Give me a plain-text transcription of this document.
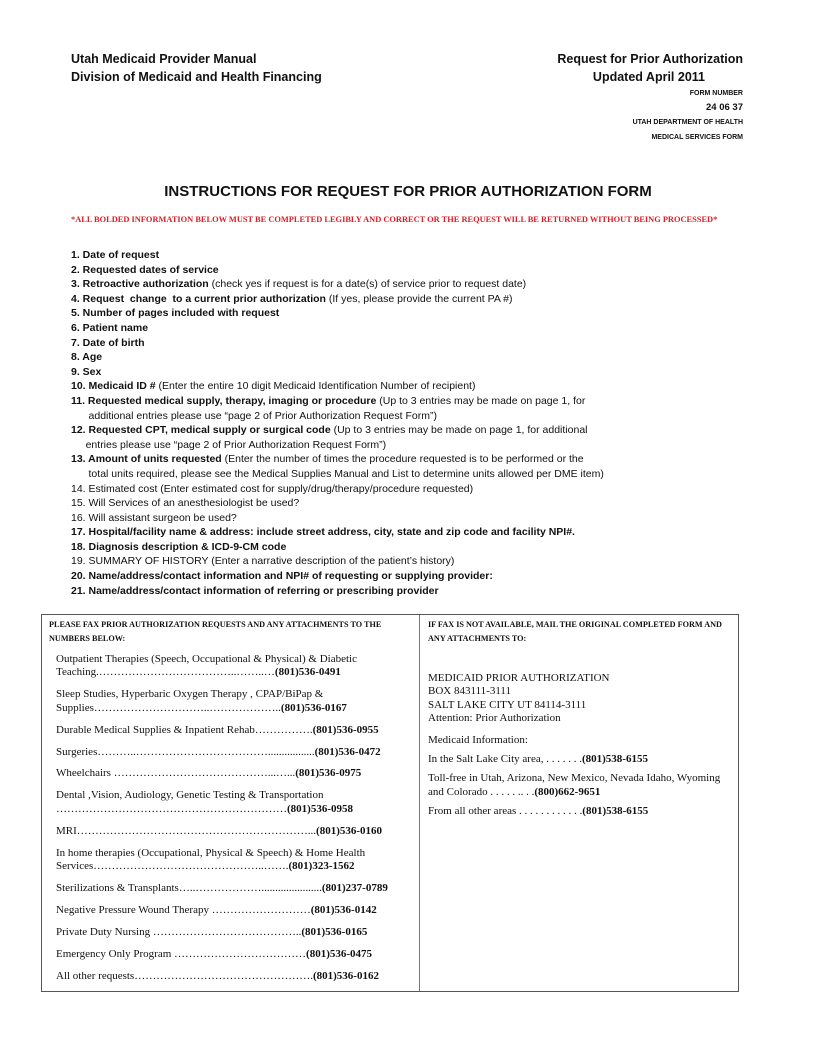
Utah Medicaid Provider Manual
Division of Medicaid and Health Financing
Request for Prior Authorization
Updated April 2011
FORM NUMBER
24 06 37
UTAH DEPARTMENT OF HEALTH
MEDICAL SERVICES FORM
INSTRUCTIONS FOR REQUEST FOR PRIOR AUTHORIZATION FORM
*ALL BOLDED INFORMATION BELOW MUST BE COMPLETED LEGIBLY AND CORRECT OR THE REQUEST WILL BE RETURNED WITHOUT BEING PROCESSED*
1. Date of request
2. Requested dates of service
3. Retroactive authorization (check yes if request is for a date(s) of service prior to request date)
4. Request  change  to a current prior authorization (If yes, please provide the current PA #)
5. Number of pages included with request
6. Patient name
7. Date of birth
8. Age
9. Sex
10. Medicaid ID # (Enter the entire 10 digit Medicaid Identification Number of recipient)
11. Requested medical supply, therapy, imaging or procedure (Up to 3 entries may be made on page 1, for
additional entries please use “page 2 of Prior Authorization Request Form”)
12. Requested CPT, medical supply or surgical code (Up to 3 entries may be made on page 1, for additional
entries please use “page 2 of Prior Authorization Request Form”)
13. Amount of units requested (Enter the number of times the procedure requested is to be performed or the
total units required, please see the Medical Supplies Manual and List to determine units allowed per DME item)
14. Estimated cost (Enter estimated cost for supply/drug/therapy/procedure requested)
15. Will Services of an anesthesiologist be used?
16. Will assistant surgeon be used?
17. Hospital/facility name & address: include street address, city, state and zip code and facility NPI#.
18. Diagnosis description & ICD-9-CM code
19. SUMMARY OF HISTORY (Enter a narrative description of the patient’s history)
20. Name/address/contact information and NPI# of requesting or supplying provider:
21. Name/address/contact information of referring or prescribing provider
PLEASE FAX PRIOR AUTHORIZATION REQUESTS AND ANY ATTACHMENTS TO THE NUMBERS BELOW:
Outpatient Therapies (Speech, Occupational & Physical) & Diabetic Teaching.………………………………..……..…(801)536-0491
Sleep Studies, Hyperbaric Oxygen Therapy , CPAP/BiPap & Supplies…………………………..………………..(801)536-0167
Durable Medical Supplies & Inpatient Rehab…………….(801)536-0955
Surgeries………..……………………………….................(801)536-0472
Wheelchairs ……………………………………...…...(801)536-0975
Dental ,Vision, Audiology, Genetic Testing & Transportation ………………………………………………………(801)536-0958
MRI………………………………………………………...(801)536-0160
In home therapies (Occupational, Physical & Speech) & Home Health Services………………………………………..…….(801)323-1562
Sterilizations & Transplants…..………………......................(801)237-0789
Negative Pressure Wound Therapy ………………………(801)536-0142
Private Duty Nursing …………………………………..(801)536-0165
Emergency Only Program ………………………………(801)536-0475
All other requests………………………………………….(801)536-0162
IF FAX IS NOT AVAILABLE, MAIL THE ORIGINAL COMPLETED FORM AND ANY ATTACHMENTS TO:
MEDICAID PRIOR AUTHORIZATION
BOX 843111-3111
SALT LAKE CITY UT 84114-3111
Attention: Prior Authorization

Medicaid Information:

In the Salt Lake City area, . . . . . . .(801)538-6155

Toll-free in Utah, Arizona, New Mexico, Nevada Idaho, Wyoming and Colorado . . . . . .. . .(800)662-9651

From all other areas . . . . . . . . . . . .(801)538-6155
